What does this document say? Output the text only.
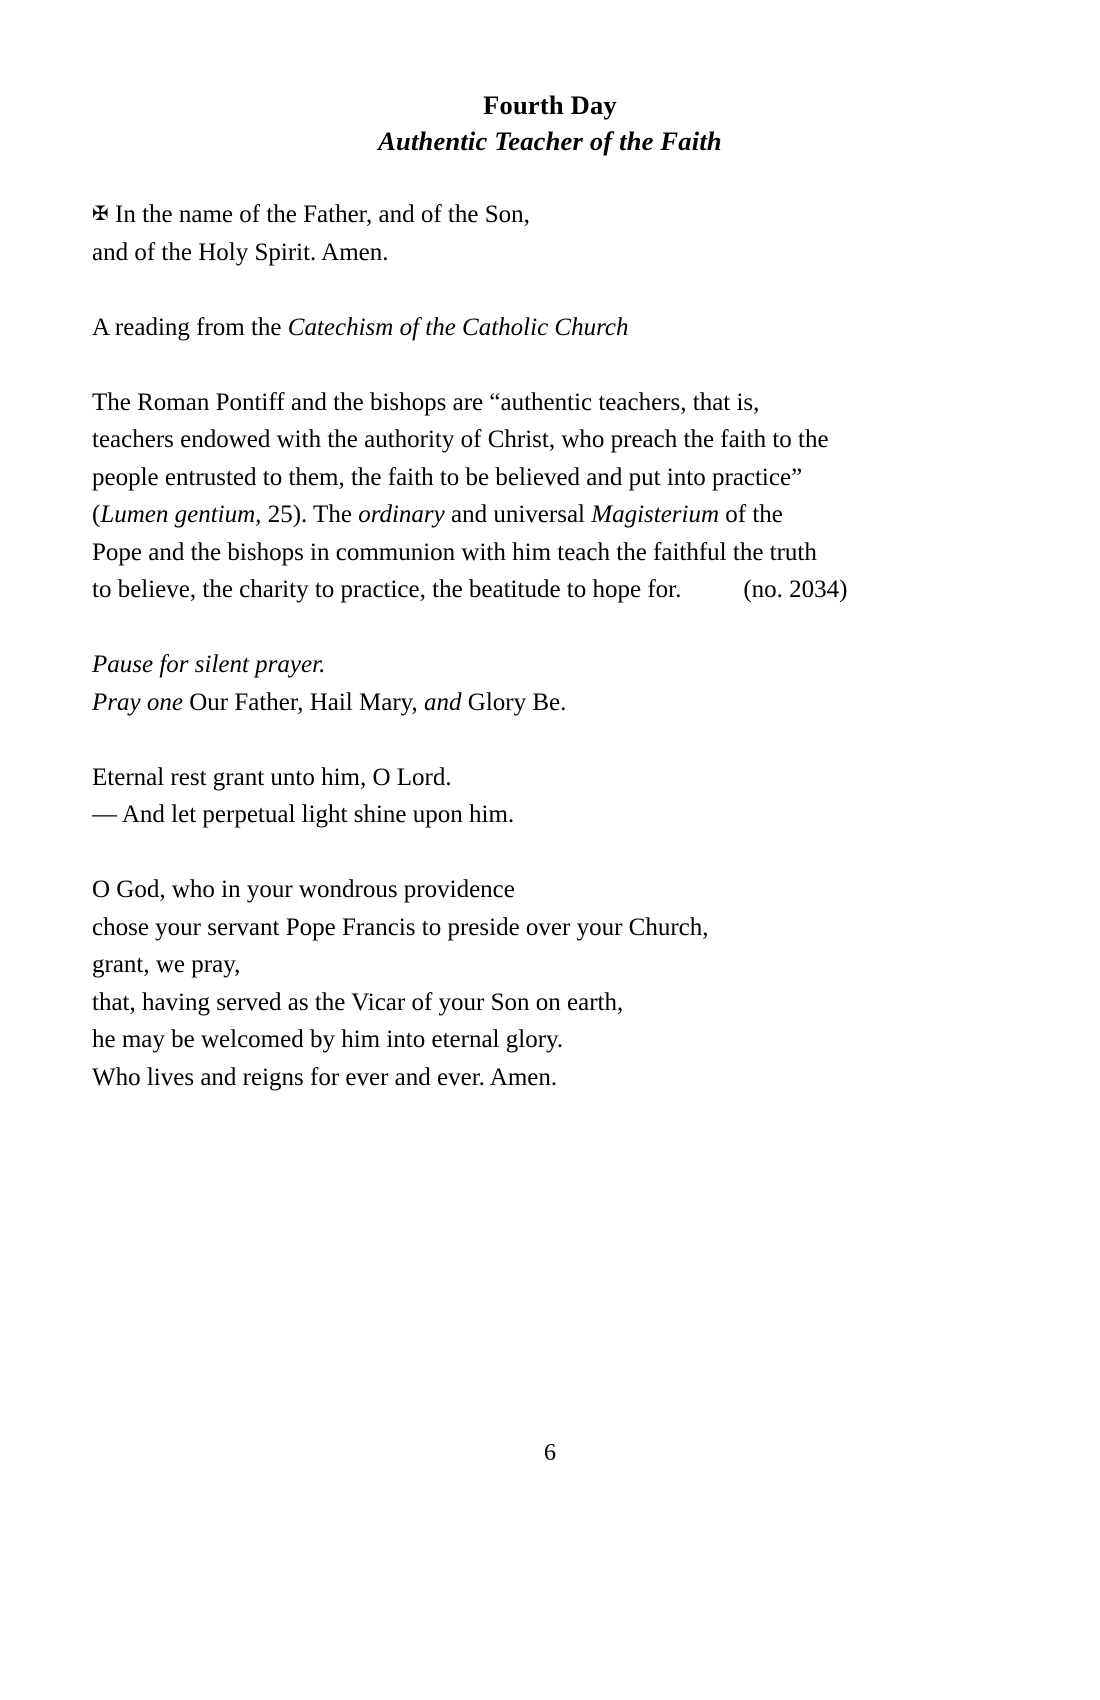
Fourth Day
Authentic Teacher of the Faith
✠ In the name of the Father, and of the Son,
and of the Holy Spirit. Amen.
A reading from the Catechism of the Catholic Church
The Roman Pontiff and the bishops are “authentic teachers, that is,
teachers endowed with the authority of Christ, who preach the faith to the
people entrusted to them, the faith to be believed and put into practice”
(Lumen gentium, 25). The ordinary and universal Magisterium of the
Pope and the bishops in communion with him teach the faithful the truth
to believe, the charity to practice, the beatitude to hope for. (no. 2034)
Pause for silent prayer.
Pray one Our Father, Hail Mary, and Glory Be.
Eternal rest grant unto him, O Lord.
— And let perpetual light shine upon him.
O God, who in your wondrous providence
chose your servant Pope Francis to preside over your Church,
grant, we pray,
that, having served as the Vicar of your Son on earth,
he may be welcomed by him into eternal glory.
Who lives and reigns for ever and ever. Amen.
6
